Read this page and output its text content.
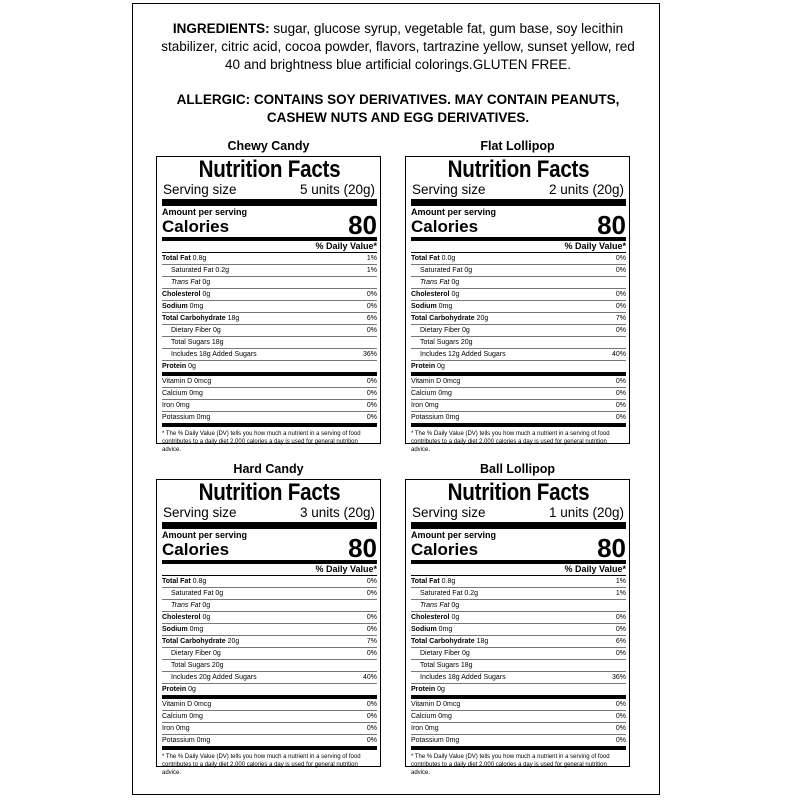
INGREDIENTS: sugar, glucose syrup, vegetable fat, gum base, soy lecithin stabilizer, citric acid, cocoa powder, flavors, tartrazine yellow, sunset yellow, red 40 and brightness blue artificial colorings.GLUTEN FREE.
ALLERGIC: CONTAINS SOY DERIVATIVES. MAY CONTAIN PEANUTS, CASHEW NUTS AND EGG DERIVATIVES.
Chewy Candy
Nutrition Facts
Serving size	5 units (20g)
Amount per serving
Calories	80
% Daily Value*
Total Fat 0.8g	1%
Saturated Fat 0.2g	1%
Trans Fat 0g
Cholesterol 0g	0%
Sodium 0mg	0%
Total Carbohydrate 18g	6%
Dietary Fiber 0g	0%
Total Sugars 18g
Includes 18g Added Sugars	36%
Protein 0g
Vitamin D 0mcg	0%
Calcium 0mg	0%
Iron 0mg	0%
Potassium 0mg	0%
* The % Daily Value (DV) tells you how much a nutrient in a serving of food contributes to a daily diet 2,000 calories a day is used for general nutrition advice.
Flat Lollipop
Nutrition Facts
Serving size	2 units (20g)
Amount per serving
Calories	80
% Daily Value*
Total Fat 0.0g	0%
Saturated Fat 0g	0%
Trans Fat 0g
Cholesterol 0g	0%
Sodium 0mg	0%
Total Carbohydrate 20g	7%
Dietary Fiber 0g	0%
Total Sugars 20g
Includes 12g Added Sugars	40%
Protein 0g
Vitamin D 0mcg	0%
Calcium 0mg	0%
Iron 0mg	0%
Potassium 0mg	0%
* The % Daily Value (DV) tells you how much a nutrient in a serving of food contributes to a daily diet 2,000 calories a day is used for general nutrition advice.
Hard Candy
Nutrition Facts
Serving size	3 units (20g)
Amount per serving
Calories	80
% Daily Value*
Total Fat 0.8g	0%
Saturated Fat 0g	0%
Trans Fat 0g
Cholesterol 0g	0%
Sodium 0mg	0%
Total Carbohydrate 20g	7%
Dietary Fiber 0g	0%
Total Sugars 20g
Includes 20g Added Sugars	40%
Protein 0g
Vitamin D 0mcg	0%
Calcium 0mg	0%
Iron 0mg	0%
Potassium 0mg	0%
* The % Daily Value (DV) tells you how much a nutrient in a serving of food contributes to a daily diet 2,000 calories a day is used for general nutrition advice.
Ball Lollipop
Nutrition Facts
Serving size	1 units (20g)
Amount per serving
Calories	80
% Daily Value*
Total Fat 0.8g	1%
Saturated Fat 0.2g	1%
Trans Fat 0g
Cholesterol 0g	0%
Sodium 0mg	0%
Total Carbohydrate 18g	6%
Dietary Fiber 0g	0%
Total Sugars 18g
Includes 18g Added Sugars	36%
Protein 0g
Vitamin D 0mcg	0%
Calcium 0mg	0%
Iron 0mg	0%
Potassium 0mg	0%
* The % Daily Value (DV) tells you how much a nutrient in a serving of food contributes to a daily diet 2,000 calories a day is used for general nutrition advice.
